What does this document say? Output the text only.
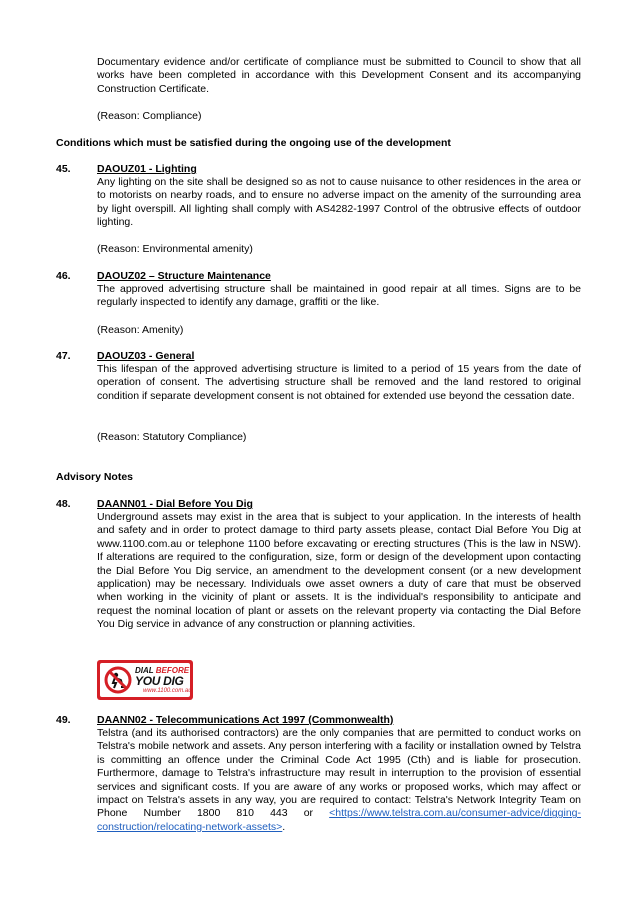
Documentary evidence and/or certificate of compliance must be submitted to Council to show that all works have been completed in accordance with this Development Consent and its accompanying Construction Certificate.

(Reason: Compliance)

Conditions which must be satisfied during the ongoing use of the development

45.	DAOUZ01 - Lighting

Any lighting on the site shall be designed so as not to cause nuisance to other residences in the area or to motorists on nearby roads, and to ensure no adverse impact on the amenity of the surrounding area by light overspill. All lighting shall comply with AS4282-1997 Control of the obtrusive effects of outdoor lighting.

(Reason: Environmental amenity)

46.	DAOUZ02 – Structure Maintenance

The approved advertising structure shall be maintained in good repair at all times. Signs are to be regularly inspected to identify any damage, graffiti or the like.

(Reason: Amenity)

47.	DAOUZ03 - General

This lifespan of the approved advertising structure is limited to a period of 15 years from the date of operation of consent. The advertising structure shall be removed and the land restored to original condition if separate development consent is not obtained for extended use beyond the cessation date.

(Reason: Statutory Compliance)

Advisory Notes

48.	DAANN01 - Dial Before You Dig

Underground assets may exist in the area that is subject to your application. In the interests of health and safety and in order to protect damage to third party assets please, contact Dial Before You Dig at www.1100.com.au or telephone 1100 before excavating or erecting structures (This is the law in NSW). If alterations are required to the configuration, size, form or design of the development upon contacting the Dial Before You Dig service, an amendment to the development consent (or a new development application) may be necessary. Individuals owe asset owners a duty of care that must be observed when working in the vicinity of plant or assets. It is the individual's responsibility to anticipate and request the nominal location of plant or assets on the relevant property via contacting the Dial Before You Dig service in advance of any construction or planning activities.

DIAL BEFORE
YOU DIG
www.1100.com.au

49.	DAANN02 - Telecommunications Act 1997 (Commonwealth)

Telstra (and its authorised contractors) are the only companies that are permitted to conduct works on Telstra's mobile network and assets. Any person interfering with a facility or installation owned by Telstra is committing an offence under the Criminal Code Act 1995 (Cth) and is liable for prosecution. Furthermore, damage to Telstra's infrastructure may result in interruption to the provision of essential services and significant costs. If you are aware of any works or proposed works, which may affect or impact on Telstra's assets in any way, you are required to contact: Telstra's Network Integrity Team on Phone Number 1800 810 443 or <https://www.telstra.com.au/consumer-advice/digging-construction/relocating-network-assets>.
